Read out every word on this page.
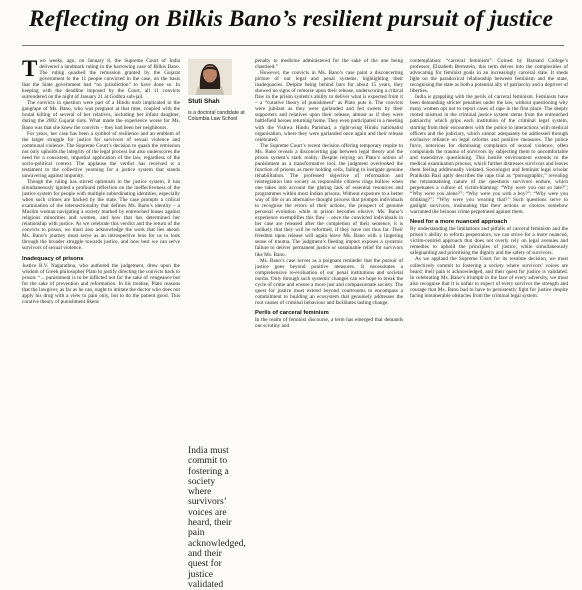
Reflecting on Bilkis Bano’s resilient pursuit of justice
T wo weeks, ago, on January 8, the Supreme Court of India delivered a landmark ruling in the harrowing case of Bilkis Bano. The ruling quashed the remission granted by the Gujarat government to the 11 people convicted in the case, on the basis that the State government had “no jurisdiction” to have done so. In keeping with the deadline imposed by the Court, all 11 convicts surrendered on the night of January 21 at Godhra sub-jail.

The convicts in question were part of a Hindu mob implicated in the gangrape of Ms. Bano, who was pregnant at that time, coupled with the brutal killing of several of her relatives, including her infant daughter, during the 2002 Gujarat riots. What made the experience worse for Ms. Bano was that she knew the convicts – they had been her neighbours.

For years, her case has been a symbol of resilience and an emblem of the larger struggle for justice for survivors of sexual violence and communal violence. The Supreme Court’s decision to quash the remission not only upholds the integrity of the legal process but also underscores the need for a consistent, impartial application of the law, regardless of the socio-political context. The applause the verdict has received is a testament to the collective yearning for a justice system that stands unwavering against impunity.

Though the ruling has stirred optimism in the justice system, it has simultaneously ignited a profound reflection on the ineffectiveness of the justice system for people with multiple subordinating identities, especially when such crimes are backed by the state. The case prompts a critical examination of the intersectionality that defines Ms. Bano’s identity – a Muslim woman navigating a society marked by entrenched biases against religious minorities and women, and how that has determined her relationship with justice. As we celebrate this verdict and the return of the convicts to prison, we must also acknowledge the work that lies ahead. Ms. Bano’s journey must serve as an introspective lens for us to look through the broader struggle towards justice, and how best we can serve survivors of sexual violence.

Inadequacy of prisons

Justice B.V. Nagarathna, who authored the judgement, drew upon the wisdom of Greek philosopher Plato to justify directing the convicts back to prison: “... punishment is to be inflicted not for the sake of vengeance but for the sake of prevention and reformation. In his treatise, Plato reasons that the lawgiver, as far as he can, ought to imitate the doctor who does not apply his drug with a view to pain only, but to do the patient good. This curative theory of punishment likens

Stuti Shah
is a doctoral candidate at Columbia Law School
India must commit to fostering a society where survivors’ voices are heard, their pain acknowledged, and their quest for justice validated

penalty to medicine administered for the sake of the one being chastised.”

However, the convicts in Ms. Bano’s case paint a disconcerting picture of our legal and penal systems, highlighting their inadequacies. Despite being behind bars for about 15 years, they showed no signs of remorse upon their release, underscoring a critical flaw in the prison system’s ability to deliver what is expected from it – a “curative theory of punishment” as Plato puts it. The convicts were jubilant as they were garlanded and fed sweets by their supporters and relatives upon their release, almost as if they were battlefield heroes returning home. They even participated in a meeting with the Vishwa Hindu Parishad, a right-wing Hindu nationalist organisation, where they were garlanded once again and their release celebrated.

The Supreme Court’s recent decision offering temporary respite to Ms. Bano reveals a disconcerting gap between legal theory and the prison system’s stark reality. Despite relying on Plato’s notion of punishment as a transformative tool, the judgment overlooked the function of prisons as mere holding cells, failing to instigate genuine rehabilitation. The professed objective of reformation and reintegration into society as responsible citizens rings hollow when one takes into account the glaring lack of essential resources and programmes within most Indian prisons. Without exposure to a better way of life or an alternative thought process that prompts individuals to recognise the errors of their actions, the prospect of genuine personal evolution while in prison becomes elusive. Ms. Bano’s experience exemplifies this flaw – once the convicted individuals in her case are released after the completion of their sentence, it is unlikely that they will be reformed, if they have not thus far. Their freedom upon release will again leave Ms. Bano with a lingering sense of trauma. The judgment’s fleeting impact exposes a systemic failure to deliver permanent justice or sustainable relief for survivors like Ms. Bano.

Ms. Bano’s case serves as a poignant reminder that the pursuit of justice goes beyond punitive measures. It necessitates a comprehensive re-evaluation of our penal institutions and societal norms. Only through such systemic changes can we hope to break the cycle of crime and ensure a more just and compassionate society. The quest for justice must extend beyond courtrooms to encompass a commitment to building an ecosystem that genuinely addresses the root causes of criminal behaviour and facilitates lasting change.

Perils of carceral feminism

In the realm of feminist discourse, a term has emerged that demands our scrutiny and

contemplation: “carceral feminism”. Coined by Barnard College’s professor, Elizabeth Bernstein, this term delves into the complexities of advocating for feminist goals in an increasingly carceral state. It sheds light on the paradoxical relationship between feminism and the state, recognising the state as both a potential ally of patriarchy and a depriver of liberties.

India is grappling with the perils of carceral feminism. Feminists have been demanding stricter penalties under the law, without questioning why many women opt not to report cases of rape in the first place. The deeply rooted mistrust in the criminal justice system stems from the entrenched patriarchy which grips each institution of the criminal legal system, starting from their encounters with the police to interactions with medical officers and the judiciary, which cannot adequately be addressed through exclusive reliance on legal reforms and punitive measures. The police force, notorious for dismissing complaints of sexual violence, often compounds the trauma of survivors by subjecting them to uncomfortable and insensitive questioning. This hostile environment extends to the medical examination process, which further distresses survivors and leaves them feeling additionally violated. Sociologist and feminist legal scholar Pratiksha Baxi aptly describes the rape trial as “pornographic,” revealing the retraumatising nature of the questions survivors endure, which perpetuates a culture of victim-blaming: “Why were you out so late?”; “Why were you alone?”; “Why were you with a boy?”; “Why were you drinking?”; “Why were you wearing that?” Such questions serve to gaslight survivors, insinuating that their actions or choices somehow warranted the heinous crime perpetrated against them.

Need for a more nuanced approach

By understanding the limitations and pitfalls of carceral feminism and the prison’s ability to reform perpetrators, we can strive for a more nuanced, victim-centred approach that does not overly rely on legal avenues and remedies to uphold the principles of justice, while simultaneously safeguarding and prioritising the dignity and the safety of survivors.

As we applaud the Supreme Court for its resolute decision, we must collectively commit to fostering a society where survivors’ voices are heard, their pain is acknowledged, and their quest for justice is validated. In celebrating Ms. Bano’s triumph in the face of every adversity, we must also recognise that it is unfair to expect of every survivor the strength and courage that Ms. Bano had to have to persistently fight for justice despite facing innumerable obstacles from the criminal legal system.
